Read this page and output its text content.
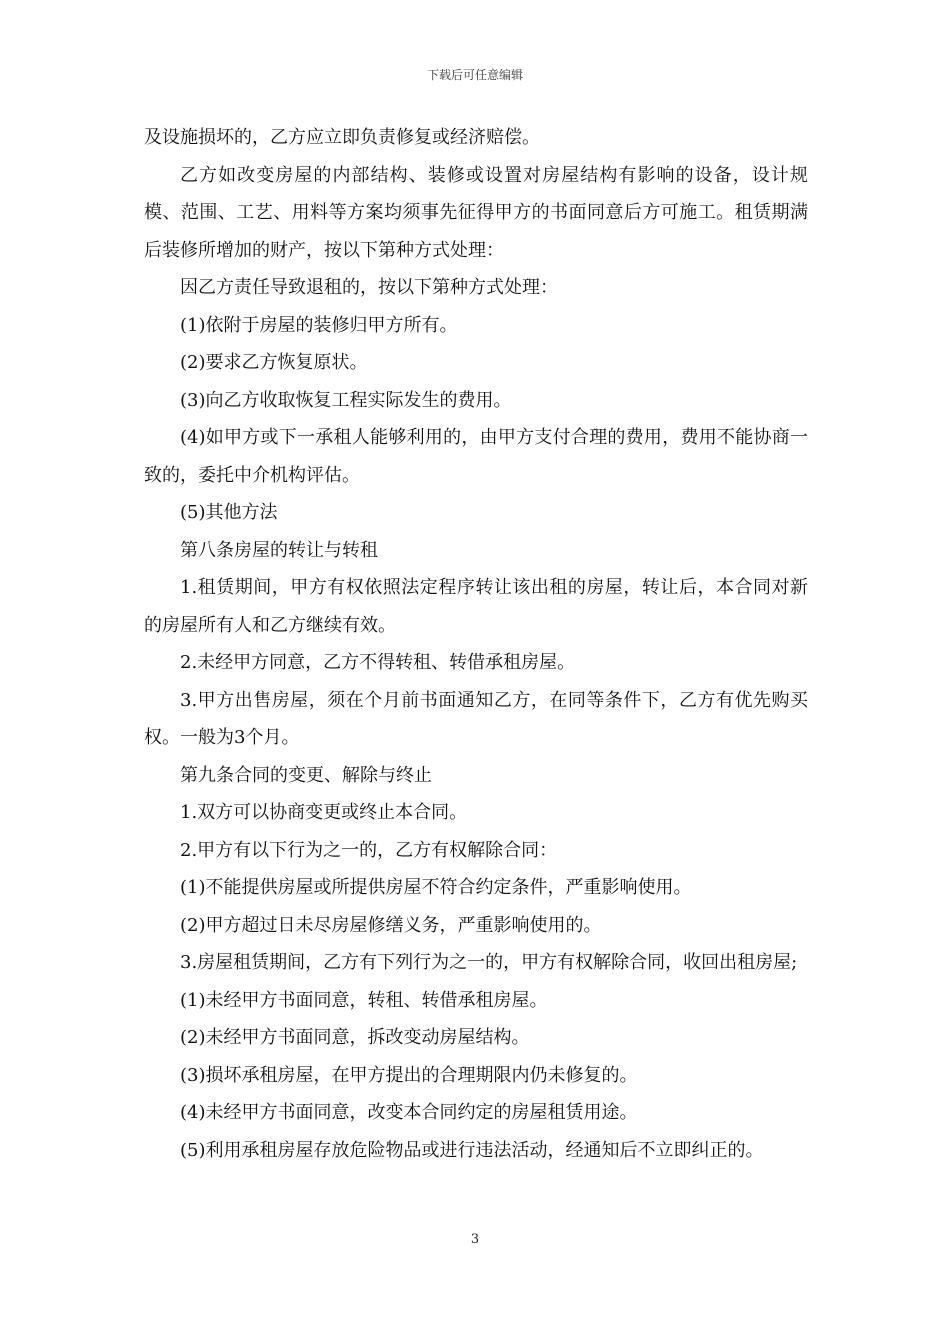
下载后可任意编辑

及设施损坏的，乙方应立即负责修复或经济赔偿。

乙方如改变房屋的内部结构、装修或设置对房屋结构有影响的设备，设计规模、范围、工艺、用料等方案均须事先征得甲方的书面同意后方可施工。租赁期满后装修所增加的财产，按以下第种方式处理：

因乙方责任导致退租的，按以下第种方式处理：

(1)依附于房屋的装修归甲方所有。

(2)要求乙方恢复原状。

(3)向乙方收取恢复工程实际发生的费用。

(4)如甲方或下一承租人能够利用的，由甲方支付合理的费用，费用不能协商一致的，委托中介机构评估。

(5)其他方法

第八条房屋的转让与转租

1.租赁期间，甲方有权依照法定程序转让该出租的房屋，转让后，本合同对新的房屋所有人和乙方继续有效。

2.未经甲方同意，乙方不得转租、转借承租房屋。

3.甲方出售房屋，须在个月前书面通知乙方，在同等条件下，乙方有优先购买权。一般为3个月。

第九条合同的变更、解除与终止

1.双方可以协商变更或终止本合同。

2.甲方有以下行为之一的，乙方有权解除合同：

(1)不能提供房屋或所提供房屋不符合约定条件，严重影响使用。

(2)甲方超过日未尽房屋修缮义务，严重影响使用的。

3.房屋租赁期间，乙方有下列行为之一的，甲方有权解除合同，收回出租房屋;

(1)未经甲方书面同意，转租、转借承租房屋。

(2)未经甲方书面同意，拆改变动房屋结构。

(3)损坏承租房屋，在甲方提出的合理期限内仍未修复的。

(4)未经甲方书面同意，改变本合同约定的房屋租赁用途。

(5)利用承租房屋存放危险物品或进行违法活动，经通知后不立即纠正的。

3
